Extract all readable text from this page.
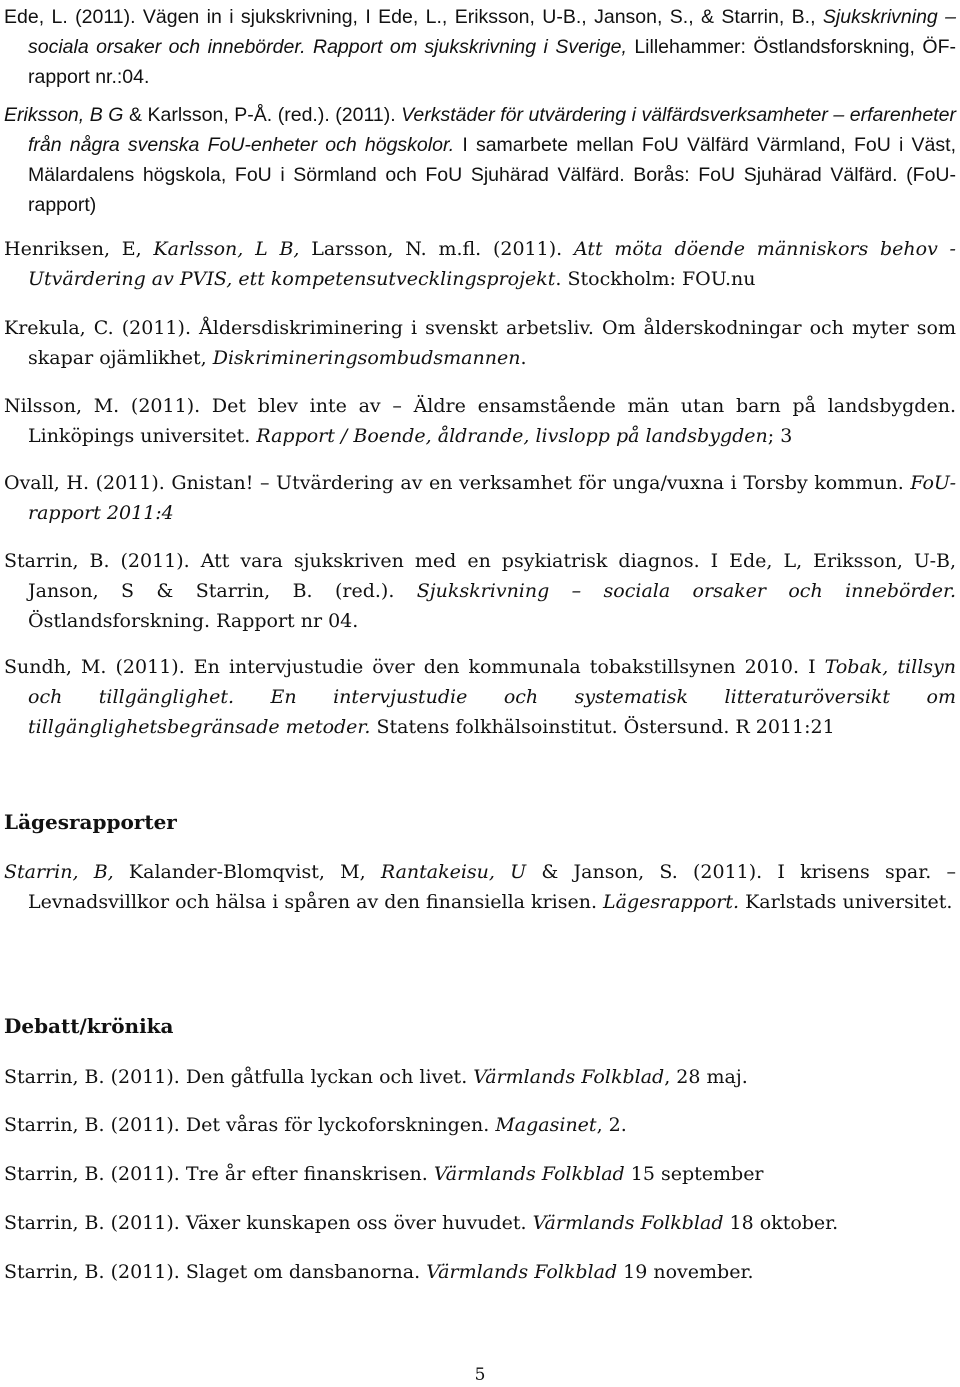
Ede, L. (2011). Vägen in i sjukskrivning, I Ede, L., Eriksson, U-B., Janson, S., & Starrin, B., Sjukskrivning – sociala orsaker och innebörder. Rapport om sjukskrivning i Sverige, Lillehammer: Östlandsforskning, ÖF-rapport nr.:04.

Eriksson, B G & Karlsson, P-Å. (red.). (2011). Verkstäder för utvärdering i välfärdsverksamheter – erfarenheter från några svenska FoU-enheter och högskolor. I samarbete mellan FoU Välfärd Värmland, FoU i Väst, Mälardalens högskola, FoU i Sörmland och FoU Sjuhärad Välfärd. Borås: FoU Sjuhärad Välfärd. (FoU-rapport)

Henriksen, E, Karlsson, L B, Larsson, N. m.fl. (2011). Att möta döende människors behov - Utvärdering av PVIS, ett kompetensutvecklingsprojekt. Stockholm: FOU.nu

Krekula, C. (2011). Åldersdiskriminering i svenskt arbetsliv. Om ålderskodningar och myter som skapar ojämlikhet, Diskrimineringsombudsmannen.

Nilsson, M. (2011). Det blev inte av – Äldre ensamstående män utan barn på landsbygden. Linköpings universitet. Rapport / Boende, åldrande, livslopp på landsbygden; 3

Ovall, H. (2011). Gnistan! – Utvärdering av en verksamhet för unga/vuxna i Torsby kommun. FoU-rapport 2011:4

Starrin, B. (2011). Att vara sjukskriven med en psykiatrisk diagnos. I Ede, L, Eriksson, U-B, Janson, S & Starrin, B. (red.). Sjukskrivning – sociala orsaker och innebörder. Östlandsforskning. Rapport nr 04.

Sundh, M. (2011). En intervjustudie över den kommunala tobakstillsynen 2010. I Tobak, tillsyn och tillgänglighet. En intervjustudie och systematisk litteraturöversikt om tillgänglighetsbegränsade metoder. Statens folkhälsoinstitut. Östersund. R 2011:21

Lägesrapporter

Starrin, B, Kalander-Blomqvist, M, Rantakeisu, U & Janson, S. (2011). I krisens spar. – Levnadsvillkor och hälsa i spåren av den finansiella krisen. Lägesrapport. Karlstads universitet.

Debatt/krönika

Starrin, B. (2011). Den gåtfulla lyckan och livet. Värmlands Folkblad, 28 maj.

Starrin, B. (2011). Det våras för lyckoforskningen. Magasinet, 2.

Starrin, B. (2011). Tre år efter finanskrisen. Värmlands Folkblad 15 september

Starrin, B. (2011). Växer kunskapen oss över huvudet. Värmlands Folkblad 18 oktober.

Starrin, B. (2011). Slaget om dansbanorna. Värmlands Folkblad 19 november.

5
